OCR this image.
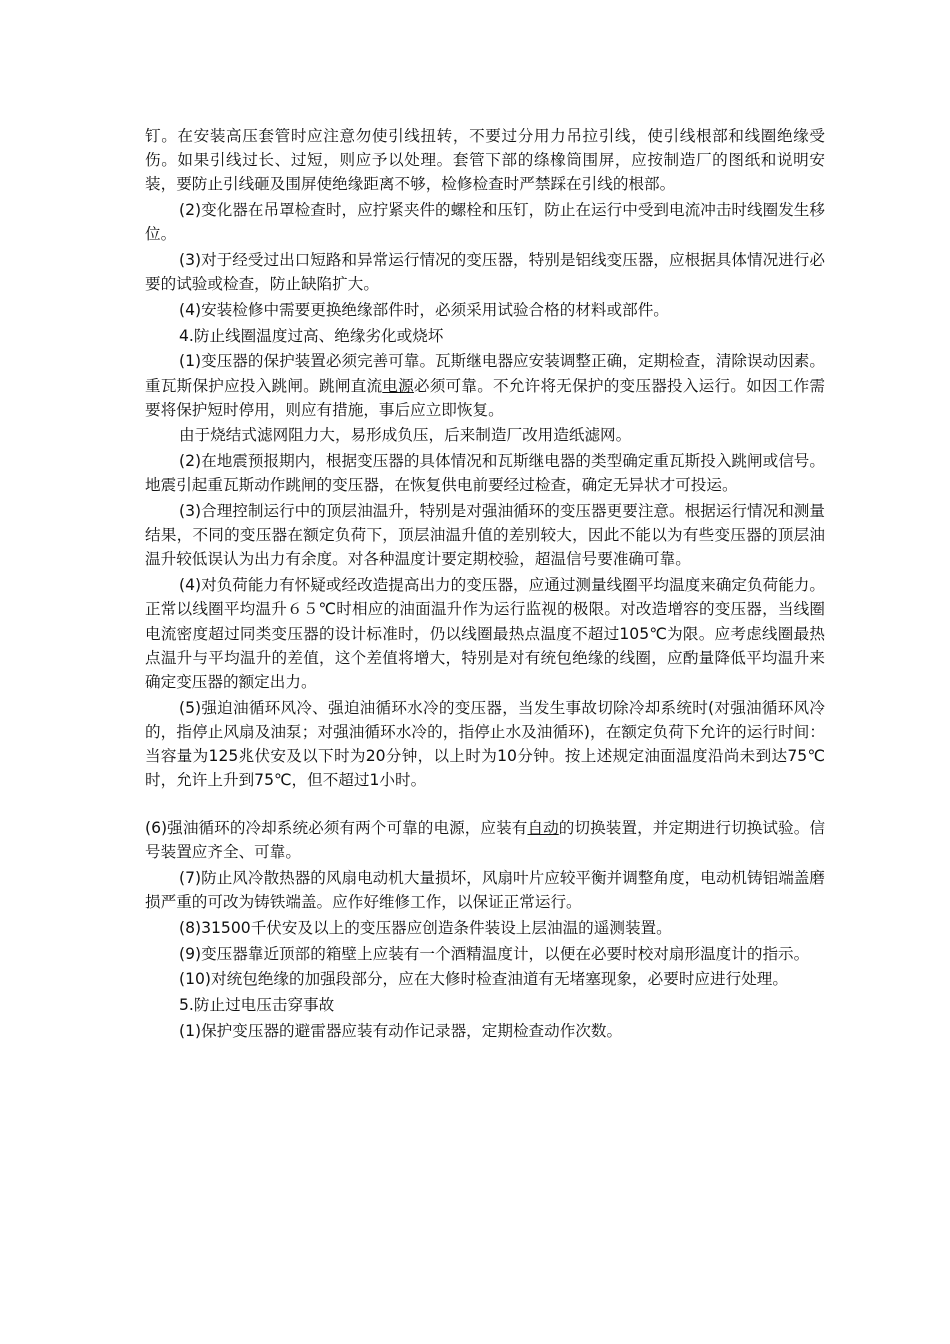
钉。在安装高压套管时应注意勿使引线扭转，不要过分用力吊拉引线，使引线根部和线圈绝缘受伤。如果引线过长、过短，则应予以处理。套管下部的绦橡筒围屏，应按制造厂的图纸和说明安装，要防止引线砸及围屏使绝缘距离不够，检修检查时严禁踩在引线的根部。

(2)变化器在吊罩检查时，应拧紧夹件的螺栓和压钉，防止在运行中受到电流冲击时线圈发生移位。

(3)对于经受过出口短路和异常运行情况的变压器，特别是铝线变压器，应根据具体情况进行必要的试验或检查，防止缺陷扩大。

(4)安装检修中需要更换绝缘部件时，必须采用试验合格的材料或部件。

4.防止线圈温度过高、绝缘劣化或烧坏

(1)变压器的保护装置必须完善可靠。瓦斯继电器应安装调整正确，定期检查，清除误动因素。重瓦斯保护应投入跳闸。跳闸直流电源必须可靠。不允许将无保护的变压器投入运行。如因工作需要将保护短时停用，则应有措施，事后应立即恢复。

由于烧结式滤网阻力大，易形成负压，后来制造厂改用造纸滤网。

(2)在地震预报期内，根据变压器的具体情况和瓦斯继电器的类型确定重瓦斯投入跳闸或信号。地震引起重瓦斯动作跳闸的变压器，在恢复供电前要经过检查，确定无异状才可投运。

(3)合理控制运行中的顶层油温升，特别是对强油循环的变压器更要注意。根据运行情况和测量结果，不同的变压器在额定负荷下，顶层油温升值的差别较大，因此不能以为有些变压器的顶层油温升较低误认为出力有余度。对各种温度计要定期校验，超温信号要准确可靠。

(4)对负荷能力有怀疑或经改造提高出力的变压器，应通过测量线圈平均温度来确定负荷能力。正常以线圈平均温升６５℃时相应的油面温升作为运行监视的极限。对改造增容的变压器，当线圈电流密度超过同类变压器的设计标准时，仍以线圈最热点温度不超过105℃为限。应考虑线圈最热点温升与平均温升的差值，这个差值将增大，特别是对有统包绝缘的线圈，应酌量降低平均温升来确定变压器的额定出力。

(5)强迫油循环风冷、强迫油循环水冷的变压器，当发生事故切除冷却系统时(对强油循环风冷的，指停止风扇及油泵；对强油循环水冷的，指停止水及油循环)，在额定负荷下允许的运行时间：当容量为125兆伏安及以下时为20分钟，以上时为10分钟。按上述规定油面温度沿尚未到达75℃时，允许上升到75℃，但不超过1小时。

(6)强油循环的冷却系统必须有两个可靠的电源，应装有自动的切换装置，并定期进行切换试验。信号装置应齐全、可靠。

(7)防止风冷散热器的风扇电动机大量损坏，风扇叶片应较平衡并调整角度，电动机铸铝端盖磨损严重的可改为铸铁端盖。应作好维修工作，以保证正常运行。

(8)31500千伏安及以上的变压器应创造条件装设上层油温的遥测装置。

(9)变压器靠近顶部的箱壁上应装有一个酒精温度计，以便在必要时校对扇形温度计的指示。

(10)对统包绝缘的加强段部分，应在大修时检查油道有无堵塞现象，必要时应进行处理。

5.防止过电压击穿事故

(1)保护变压器的避雷器应装有动作记录器，定期检查动作次数。
